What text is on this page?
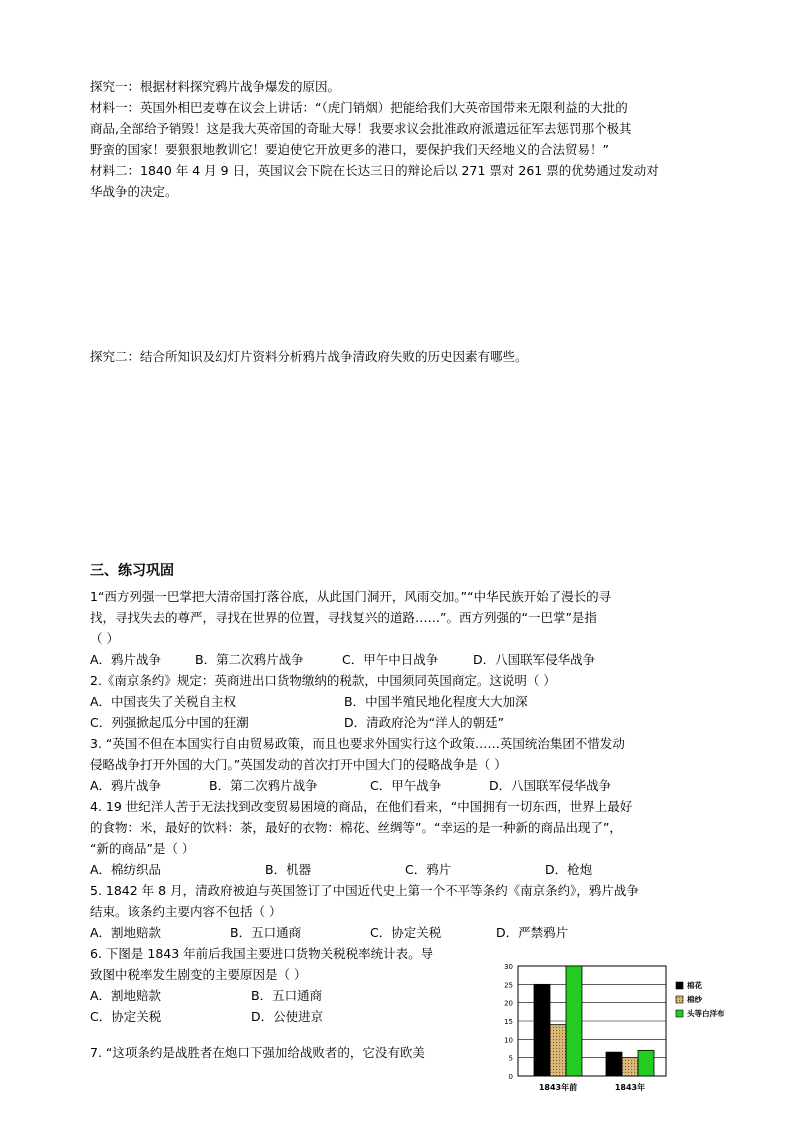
探究一：根据材料探究鸦片战争爆发的原因。
材料一：英国外相巴麦尊在议会上讲话：“（虎门销烟）把能给我们大英帝国带来无限利益的大批的
商品,全部给予销毁！这是我大英帝国的奇耻大辱！我要求议会批准政府派遣远征军去惩罚那个极其
野蛮的国家！要狠狠地教训它！要迫使它开放更多的港口，要保护我们天经地义的合法贸易！”
材料二：1840 年 4 月 9 日，英国议会下院在长达三日的辩论后以 271 票对 261 票的优势通过发动对
华战争的决定。
探究二：结合所知识及幻灯片资料分析鸦片战争清政府失败的历史因素有哪些。
三、练习巩固
1“西方列强一巴掌把大清帝国打落谷底，从此国门洞开，风雨交加。”“中华民族开始了漫长的寻
找，寻找失去的尊严，寻找在世界的位置，寻找复兴的道路……”。西方列强的“一巴掌”是指
（ ）
A．鸦片战争	B．第二次鸦片战争	C．甲午中日战争	D．八国联军侵华战争
2.《南京条约》规定：英商进出口货物缴纳的税款，中国须同英国商定。这说明（ ）
A．中国丧失了关税自主权	B．中国半殖民地化程度大大加深
C．列强掀起瓜分中国的狂潮	D．清政府沦为“洋人的朝廷”
3. “英国不但在本国实行自由贸易政策，而且也要求外国实行这个政策……英国统治集团不惜发动
侵略战争打开外国的大门。”英国发动的首次打开中国大门的侵略战争是（ ）
A．鸦片战争	B．第二次鸦片战争	C．甲午战争	D．八国联军侵华战争
4. 19 世纪洋人苦于无法找到改变贸易困境的商品，在他们看来，“中国拥有一切东西，世界上最好
的食物：米，最好的饮料：茶，最好的衣物：棉花、丝绸等”。“幸运的是一种新的商品出现了”，
“新的商品”是（ ）
A．棉纺织品	B．机器	C．鸦片	D．枪炮
5. 1842 年 8 月，清政府被迫与英国签订了中国近代史上第一个不平等条约《南京条约》，鸦片战争
结束。该条约主要内容不包括（ ）
A．割地赔款	B．五口通商	C．协定关税	D．严禁鸦片
6. 下图是 1843 年前后我国主要进口货物关税税率统计表。导
致图中税率发生剧变的主要原因是（ ）
A．割地赔款	B．五口通商
C．协定关税	D．公使进京
7. “这项条约是战胜者在炮口下强加给战败者的，它没有欧美
0
5
10
15
20
25
30
1843年前	1843年
棉花
棉纱
头等白洋布
